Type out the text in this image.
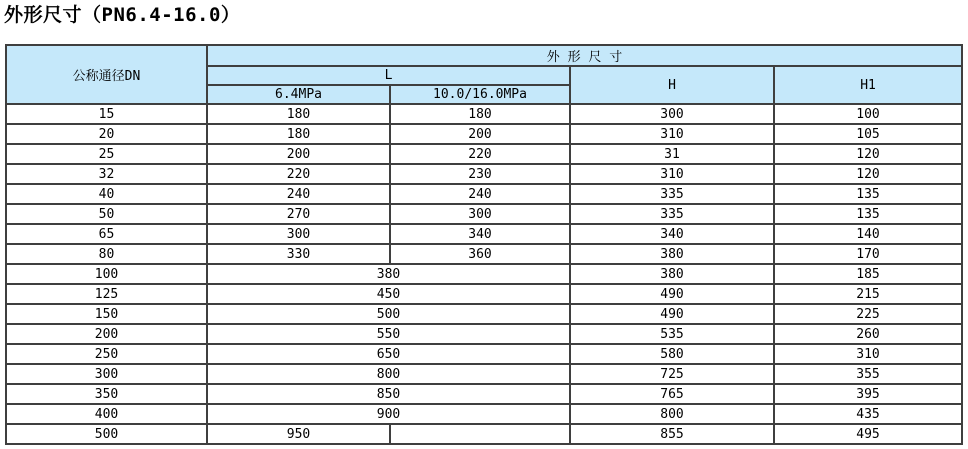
外形尺寸（PN6.4-16.0）
公称通径DN	外 形 尺 寸			
	L		H	H1
	6.4MPa	10.0/16.0MPa		
15	180	180	300	100
20	180	200	310	105
25	200	220	31	120
32	220	230	310	120
40	240	240	335	135
50	270	300	335	135
65	300	340	340	140
80	330	360	380	170
100	380		380	185
125	450		490	215
150	500		490	225
200	550		535	260
250	650		580	310
300	800		725	355
350	850		765	395
400	900		800	435
500	950		855	495
